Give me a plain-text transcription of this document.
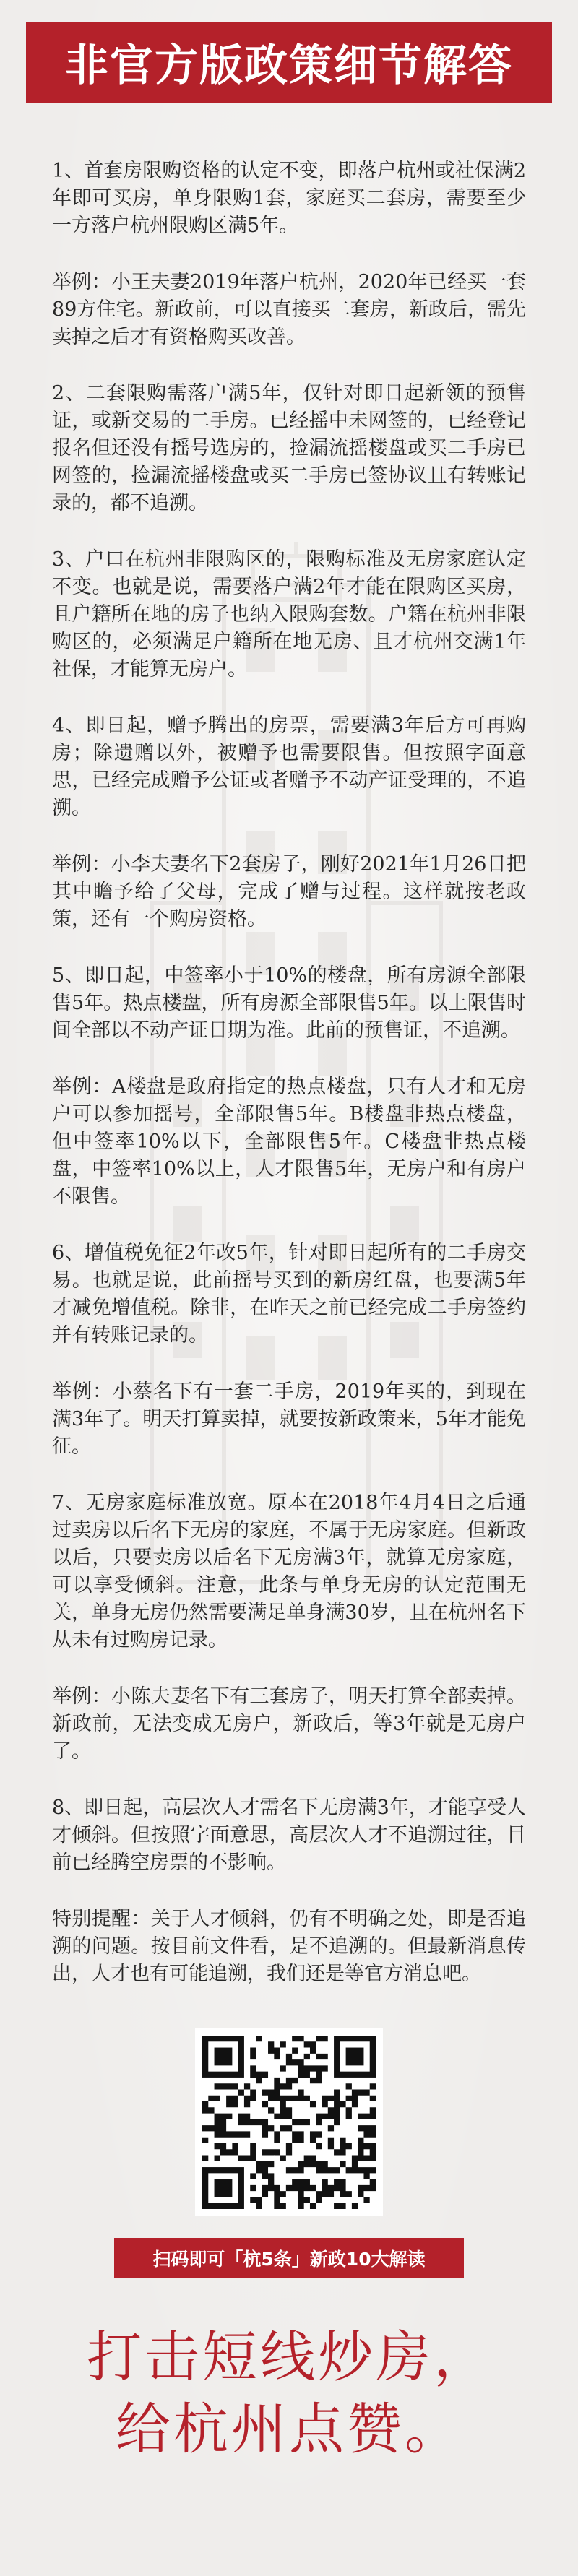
非官方版政策细节解答

1、首套房限购资格的认定不变，即落户杭州或社保满2年即可买房，单身限购1套，家庭买二套房，需要至少一方落户杭州限购区满5年。

举例：小王夫妻2019年落户杭州，2020年已经买一套89方住宅。新政前，可以直接买二套房，新政后，需先卖掉之后才有资格购买改善。

2、二套限购需落户满5年，仅针对即日起新领的预售证，或新交易的二手房。已经摇中未网签的，已经登记报名但还没有摇号选房的，捡漏流摇楼盘或买二手房已网签的，捡漏流摇楼盘或买二手房已签协议且有转账记录的，都不追溯。

3、户口在杭州非限购区的，限购标准及无房家庭认定不变。也就是说，需要落户满2年才能在限购区买房，且户籍所在地的房子也纳入限购套数。户籍在杭州非限购区的，必须满足户籍所在地无房、且才杭州交满1年社保，才能算无房户。

4、即日起，赠予腾出的房票，需要满3年后方可再购房；除遗赠以外，被赠予也需要限售。但按照字面意思，已经完成赠予公证或者赠予不动产证受理的，不追溯。

举例：小李夫妻名下2套房子，刚好2021年1月26日把其中瞻予给了父母，完成了赠与过程。这样就按老政策，还有一个购房资格。

5、即日起，中签率小于10%的楼盘，所有房源全部限售5年。热点楼盘，所有房源全部限售5年。以上限售时间全部以不动产证日期为准。此前的预售证，不追溯。

举例：A楼盘是政府指定的热点楼盘，只有人才和无房户可以参加摇号，全部限售5年。B楼盘非热点楼盘，但中签率10%以下，全部限售5年。C楼盘非热点楼盘，中签率10%以上，人才限售5年，无房户和有房户不限售。

6、增值税免征2年改5年，针对即日起所有的二手房交易。也就是说，此前摇号买到的新房红盘，也要满5年才减免增值税。除非，在昨天之前已经完成二手房签约并有转账记录的。

举例：小蔡名下有一套二手房，2019年买的，到现在满3年了。明天打算卖掉，就要按新政策来，5年才能免征。

7、无房家庭标准放宽。原本在2018年4月4日之后通过卖房以后名下无房的家庭，不属于无房家庭。但新政以后，只要卖房以后名下无房满3年，就算无房家庭，可以享受倾斜。注意，此条与单身无房的认定范围无关，单身无房仍然需要满足单身满30岁，且在杭州名下从未有过购房记录。

举例：小陈夫妻名下有三套房子，明天打算全部卖掉。新政前，无法变成无房户，新政后，等3年就是无房户了。

8、即日起，高层次人才需名下无房满3年，才能享受人才倾斜。但按照字面意思，高层次人才不追溯过往，目前已经腾空房票的不影响。

特别提醒：关于人才倾斜，仍有不明确之处，即是否追溯的问题。按目前文件看，是不追溯的。但最新消息传出，人才也有可能追溯，我们还是等官方消息吧。

扫码即可「杭5条」新政10大解读
打击短线炒房，
给杭州点赞。
